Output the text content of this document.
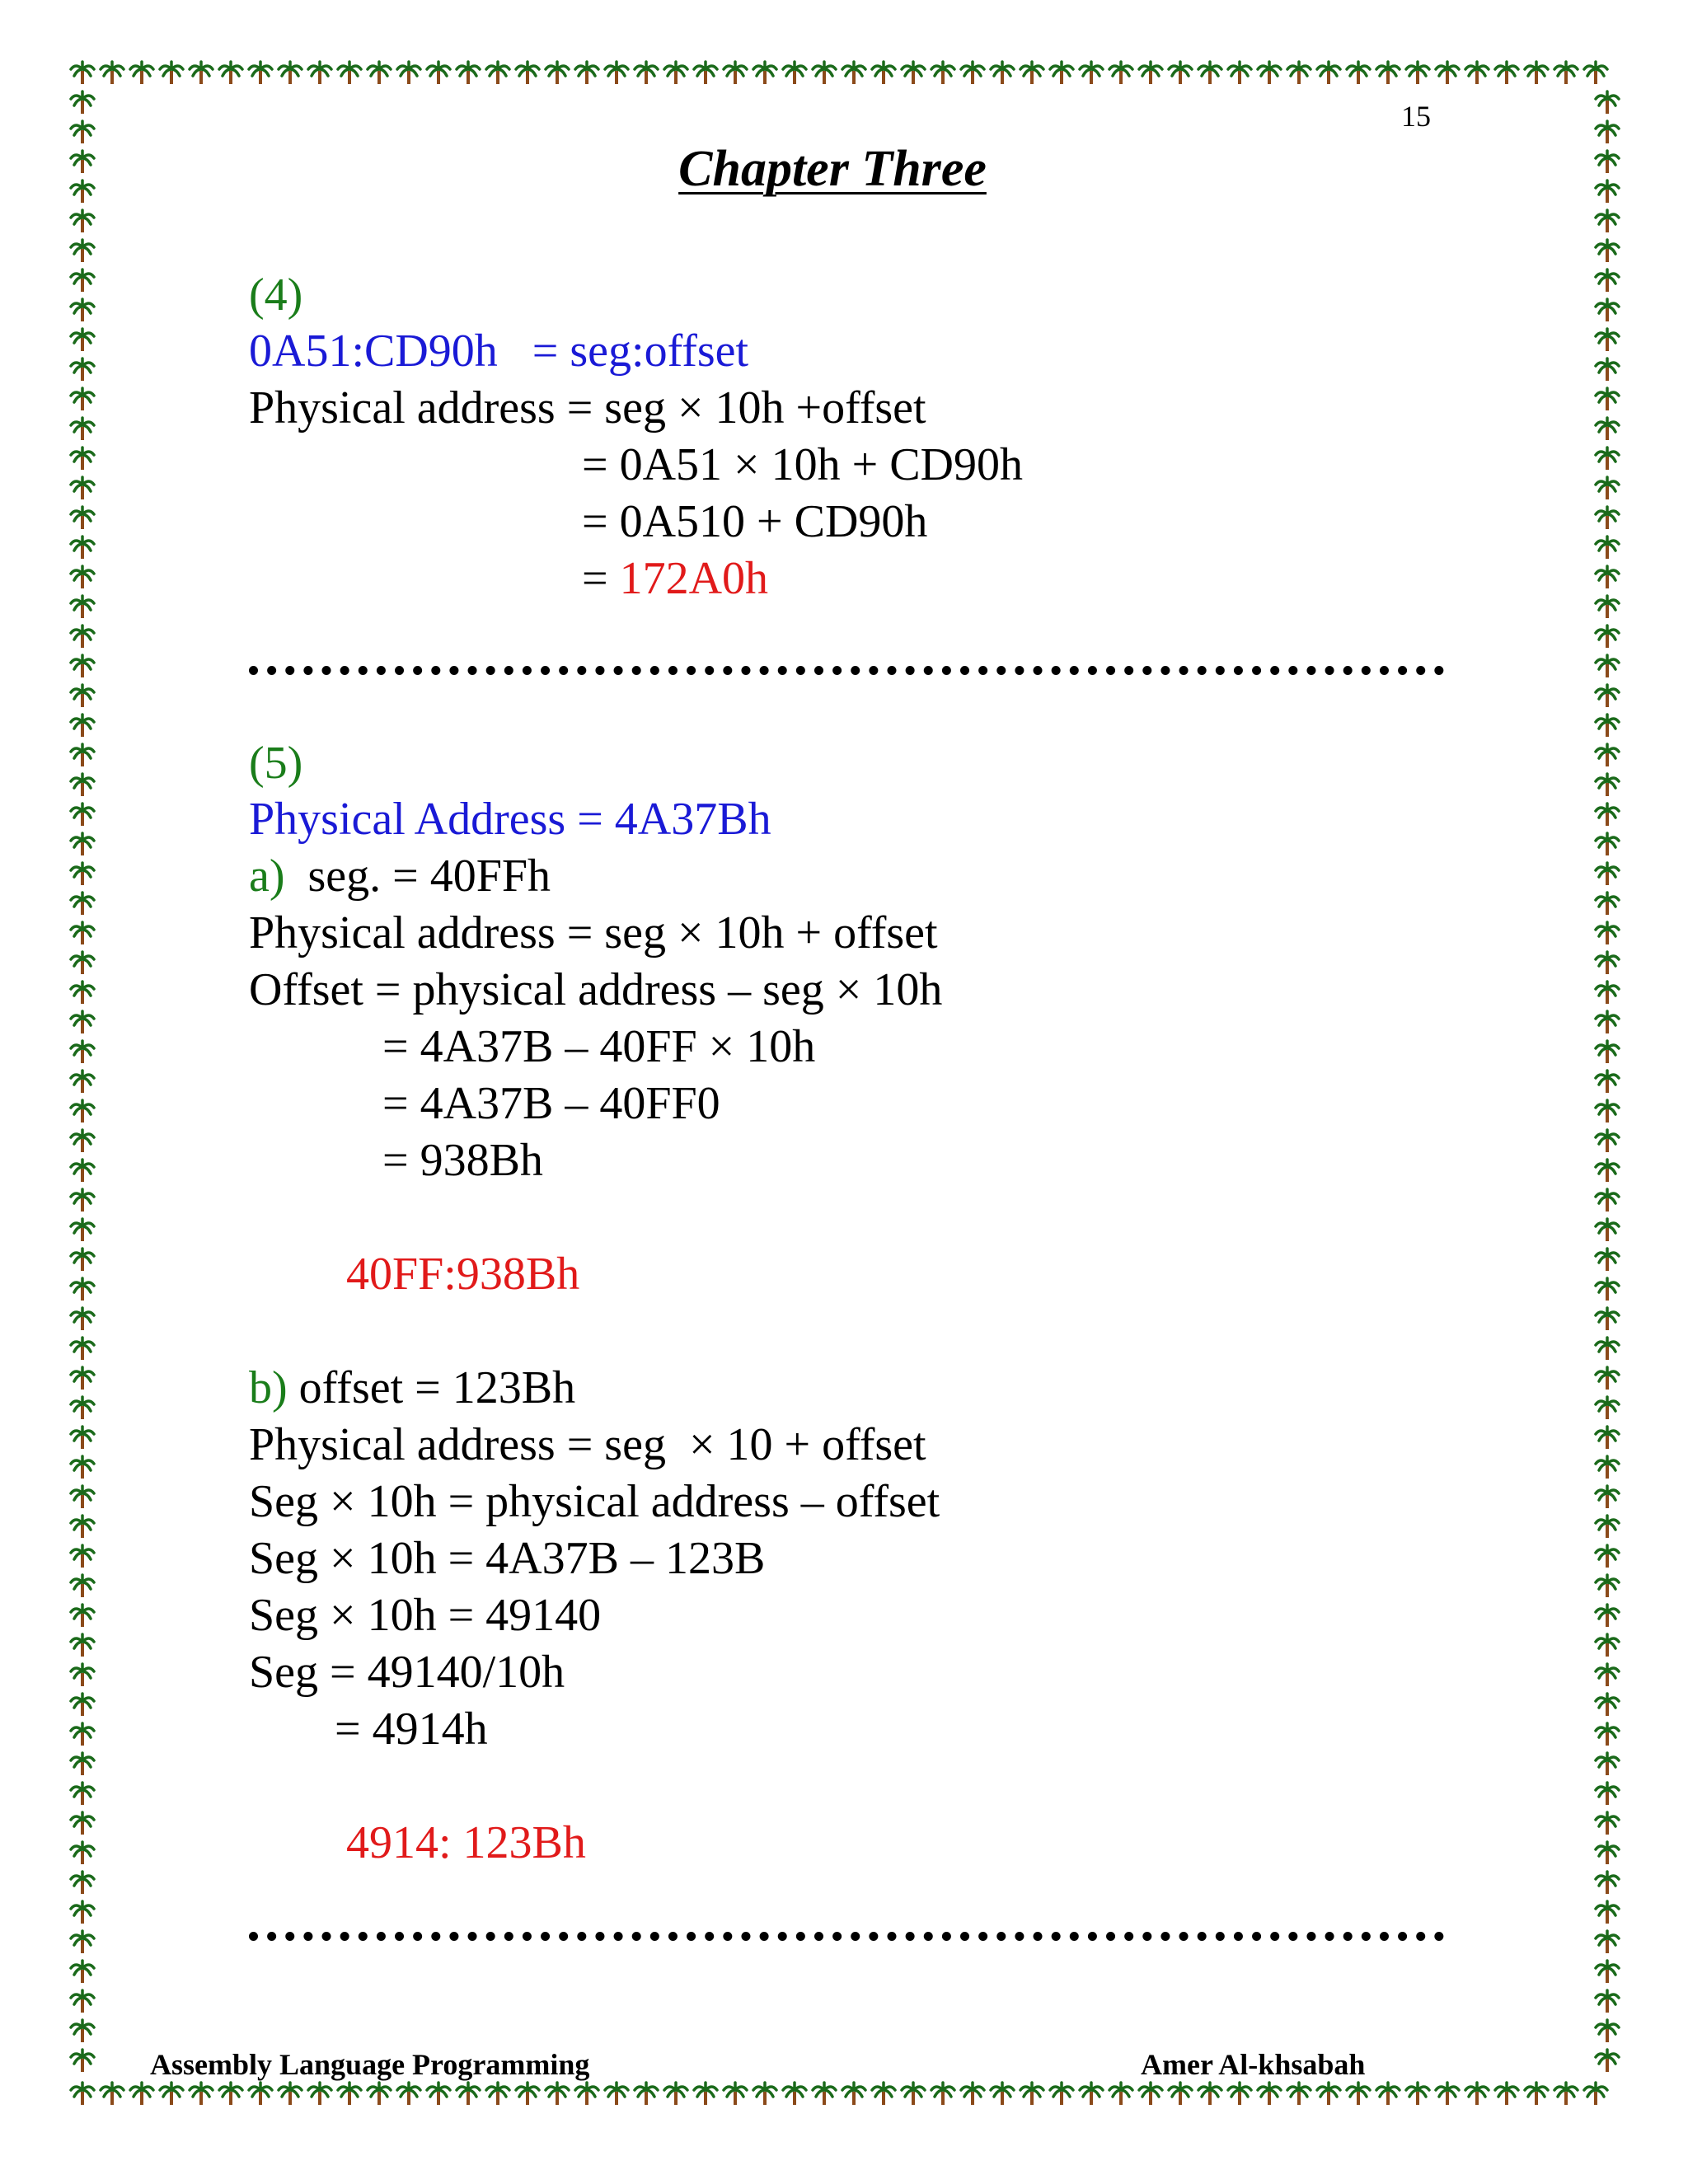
15
Chapter Three
(4)
0A51:CD90h   = seg:offset
Physical address = seg × 10h +offset
= 0A51 × 10h + CD90h
= 0A510 + CD90h
= 172A0h
(5)
Physical Address = 4A37Bh
a)  seg. = 40FFh
Physical address = seg × 10h + offset
Offset = physical address – seg × 10h
= 4A37B – 40FF × 10h
= 4A37B – 40FF0
= 938Bh
40FF:938Bh
b) offset = 123Bh
Physical address = seg  × 10 + offset
Seg × 10h = physical address – offset
Seg × 10h = 4A37B – 123B
Seg × 10h = 49140
Seg = 49140/10h
= 4914h
4914: 123Bh
Assembly Language Programming	Amer Al-khsabah
